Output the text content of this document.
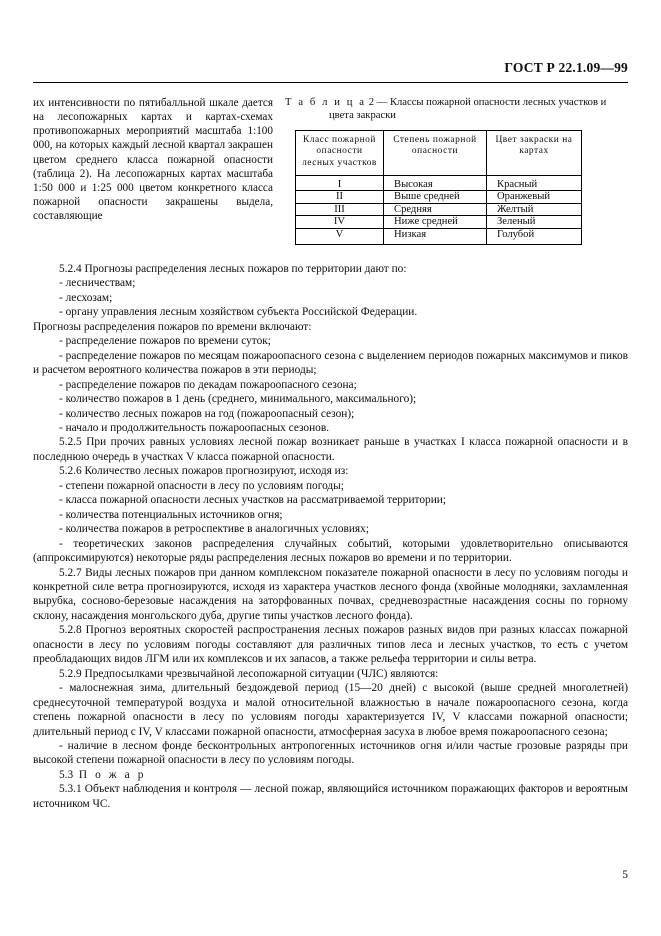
ГОСТ Р 22.1.09—99

их интенсивности по пятибалльной шкале дается на лесопожарных картах и картах-схемах противопожарных мероприятий масштаба 1:100 000, на которых каждый лесной квартал закрашен цветом среднего класса пожарной опасности (таблица 2). На лесопожарных картах масштаба 1:50 000 и 1:25 000 цветом конкретного класса пожарной опасности закрашены выдела, составляющие

Т а б л и ц а 2 — Классы пожарной опасности лесных участков и
цвета закраски
Класс пожарной опасности лесных участков	Степень пожарной опасности	Цвет закраски на картах
I	Высокая	Красный
II	Выше средней	Оранжевый
III	Средняя	Желтый
IV	Ниже средней	Зеленый
V	Низкая	Голубой

5.2.4 Прогнозы распределения лесных пожаров по территории дают по:

- лесничествам;

- лесхозам;

- органу управления лесным хозяйством субъекта Российской Федерации.

Прогнозы распределения пожаров по времени включают:

- распределение пожаров по времени суток;

- распределение пожаров по месяцам пожароопасного сезона с выделением периодов пожарных максимумов и пиков и расчетом вероятного количества пожаров в эти периоды;

- распределение пожаров по декадам пожароопасного сезона;

- количество пожаров в 1 день (среднего, минимального, максимального);

- количество лесных пожаров на год (пожароопасный сезон);

- начало и продолжительность пожароопасных сезонов.

5.2.5 При прочих равных условиях лесной пожар возникает раньше в участках I класса пожарной опасности и в последнюю очередь в участках V класса пожарной опасности.

5.2.6 Количество лесных пожаров прогнозируют, исходя из:

- степени пожарной опасности в лесу по условиям погоды;

- класса пожарной опасности лесных участков на рассматриваемой территории;

- количества потенциальных источников огня;

- количества пожаров в ретроспективе в аналогичных условиях;

- теоретических законов распределения случайных событий, которыми удовлетворительно описываются (аппроксимируются) некоторые ряды распределения лесных пожаров во времени и по территории.

5.2.7 Виды лесных пожаров при данном комплексном показателе пожарной опасности в лесу по условиям погоды и конкретной силе ветра прогнозируются, исходя из характера участков лесного фонда (хвойные молодняки, захламленная вырубка, сосново-березовые насаждения на заторфованных почвах, средневозрастные насаждения сосны по горному склону, насаждения монгольского дуба, другие типы участков лесного фонда).

5.2.8 Прогноз вероятных скоростей распространения лесных пожаров разных видов при разных классах пожарной опасности в лесу по условиям погоды составляют для различных типов леса и лесных участков, то есть с учетом преобладающих видов ЛГМ или их комплексов и их запасов, а также рельефа территории и силы ветра.

5.2.9 Предпосылками чрезвычайной лесопожарной ситуации (ЧЛС) являются:

- малоснежная зима, длительный бездождевой период (15—20 дней) с высокой (выше средней многолетней) среднесуточной температурой воздуха и малой относительной влажностью в начале пожароопасного сезона, когда степень пожарной опасности в лесу по условиям погоды характеризуется IV, V классами пожарной опасности; длительный период с IV, V классами пожарной опасности, атмосферная засуха в любое время пожароопасного сезона;

- наличие в лесном фонде бесконтрольных антропогенных источников огня и/или частые грозовые разряды при высокой степени пожарной опасности в лесу по условиям погоды.

5.3 П о ж а р

5.3.1 Объект наблюдения и контроля — лесной пожар, являющийся источником поражающих факторов и вероятным источником ЧС.

5
